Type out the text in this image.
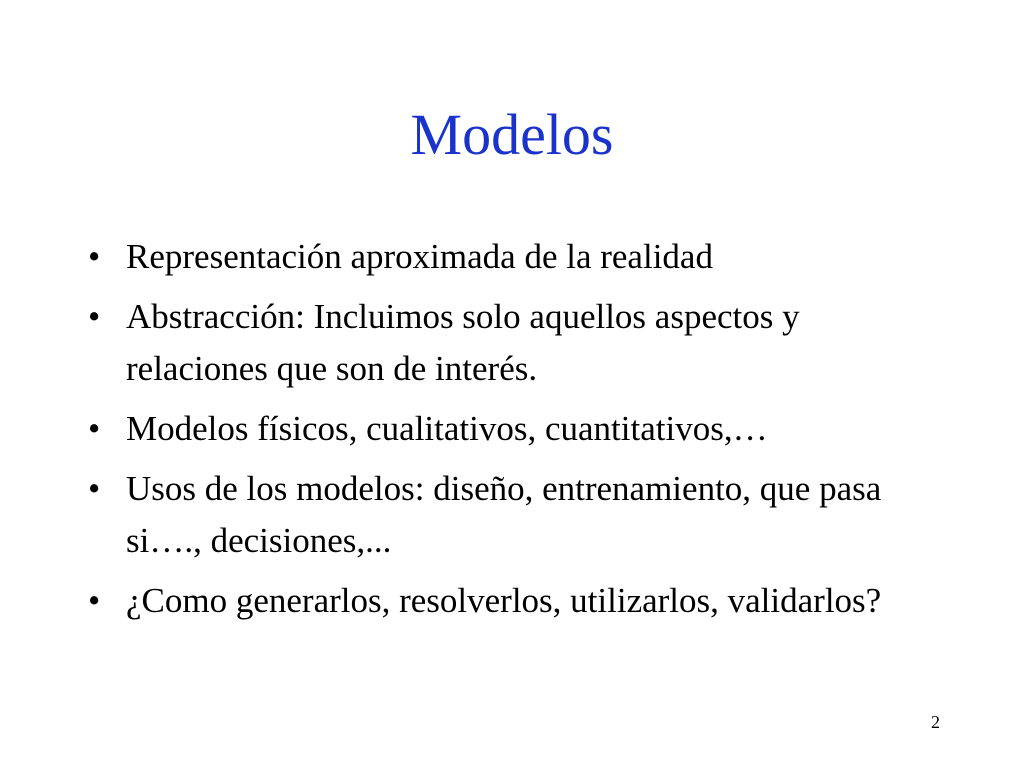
Modelos
• Representación aproximada de la realidad
• Abstracción: Incluimos solo aquellos aspectos y relaciones que son de interés.
• Modelos físicos, cualitativos, cuantitativos,…
• Usos de los modelos: diseño, entrenamiento, que pasa si…., decisiones,...
• ¿Como generarlos, resolverlos, utilizarlos, validarlos?
2
